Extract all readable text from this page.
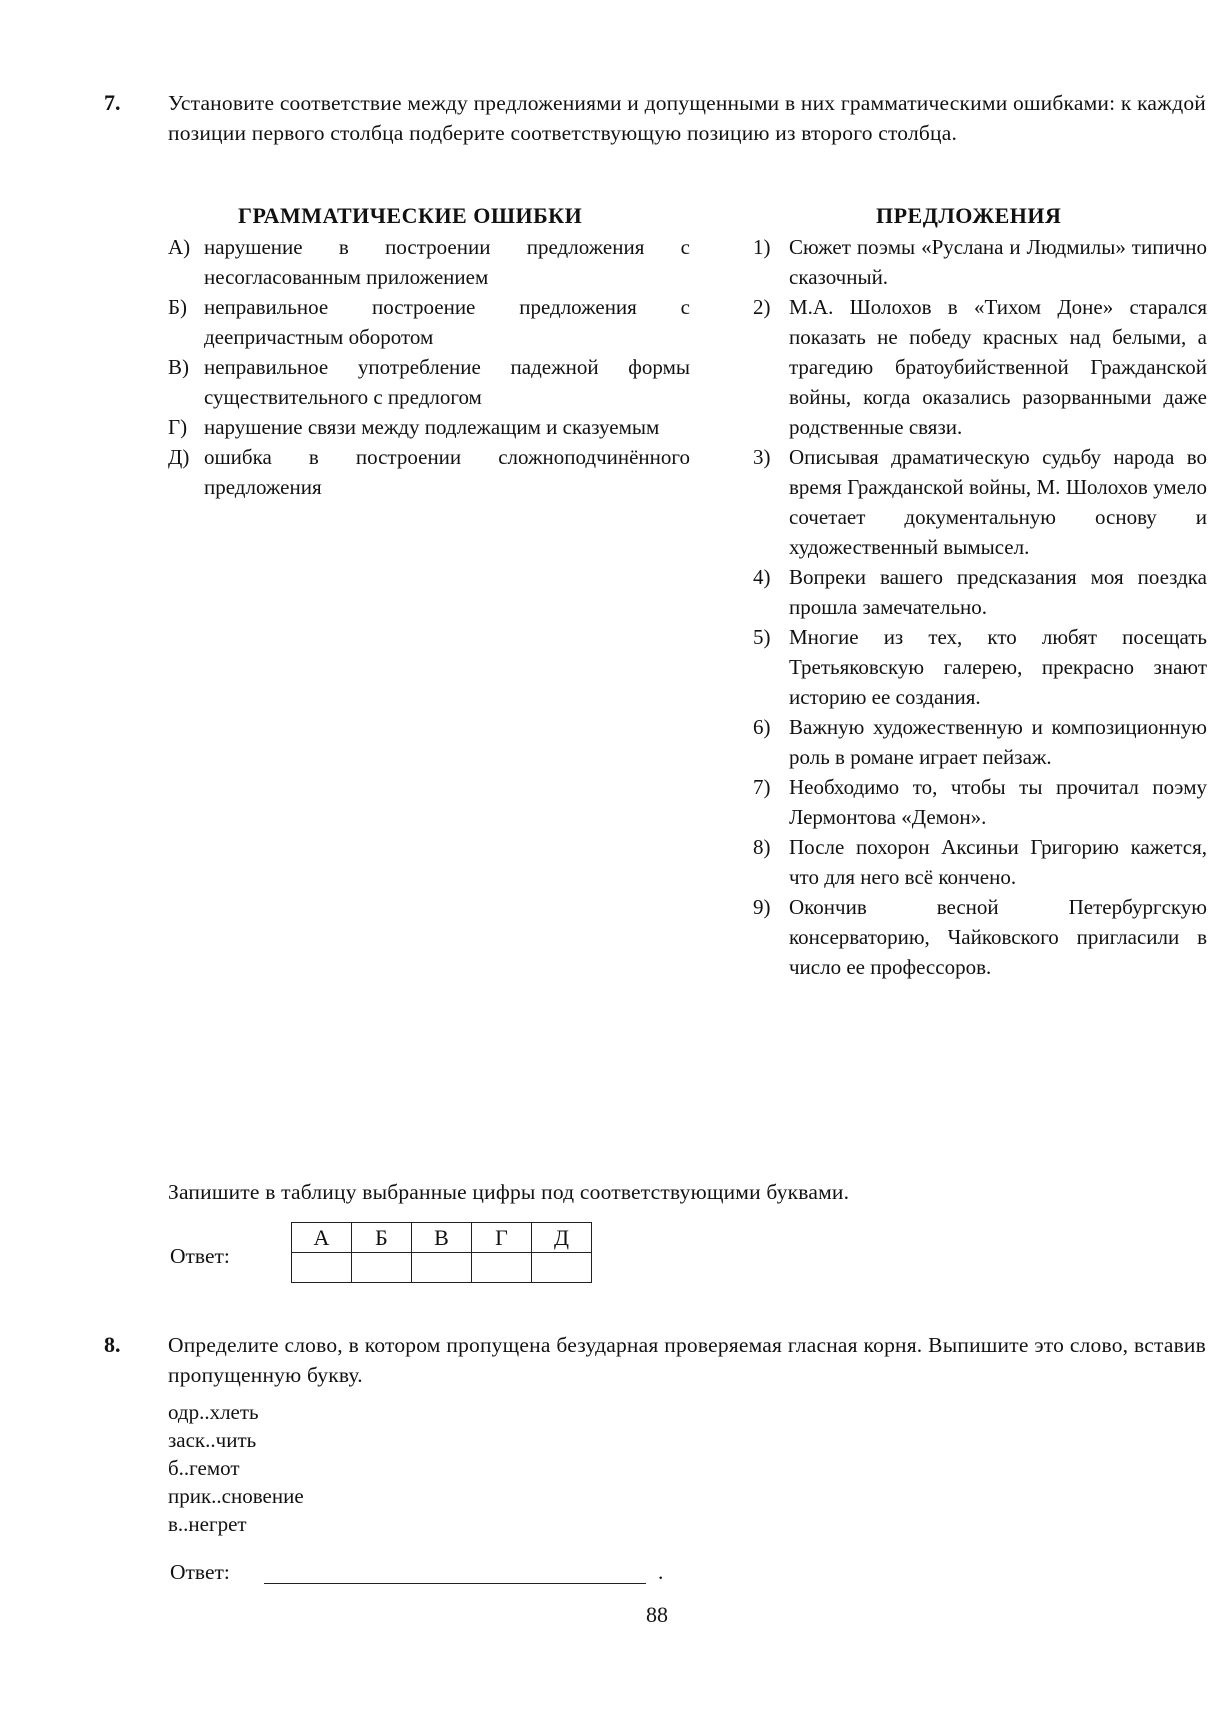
7. Установите соответствие между предложениями и допущенными в них грамматическими ошибками: к каждой позиции первого столбца подберите соответствующую позицию из второго столбца.
ГРАММАТИЧЕСКИЕ ОШИБКИ	ПРЕДЛОЖЕНИЯ
А) нарушение в построении предложения с несогласованным приложением
Б) неправильное построение предложения с деепричастным оборотом
В) неправильное употребление падежной формы существительного с предлогом
Г) нарушение связи между подлежащим и сказуемым
Д) ошибка в построении сложноподчинённого предложения
1) Сюжет поэмы «Руслана и Людмилы» типично сказочный.
2) М.А. Шолохов в «Тихом Доне» старался показать не победу красных над белыми, а трагедию братоубийственной Гражданской войны, когда оказались разорванными даже родственные связи.
3) Описывая драматическую судьбу народа во время Гражданской войны, М. Шолохов умело сочетает документальную основу и художественный вымысел.
4) Вопреки вашего предсказания моя поездка прошла замечательно.
5) Многие из тех, кто любят посещать Третьяковскую галерею, прекрасно знают историю ее создания.
6) Важную художественную и композиционную роль в романе играет пейзаж.
7) Необходимо то, чтобы ты прочитал поэму Лермонтова «Демон».
8) После похорон Аксиньи Григорию кажется, что для него всё кончено.
9) Окончив весной Петербургскую консерваторию, Чайковского пригласили в число ее профессоров.
Запишите в таблицу выбранные цифры под соответствующими буквами.
Ответ:
А	Б	В	Г	Д

8. Определите слово, в котором пропущена безударная проверяемая гласная корня. Выпишите это слово, вставив пропущенную букву.
одр..хлеть
заск..чить
б..гемот
прик..сновение
в..негрет
Ответ:	.
88
